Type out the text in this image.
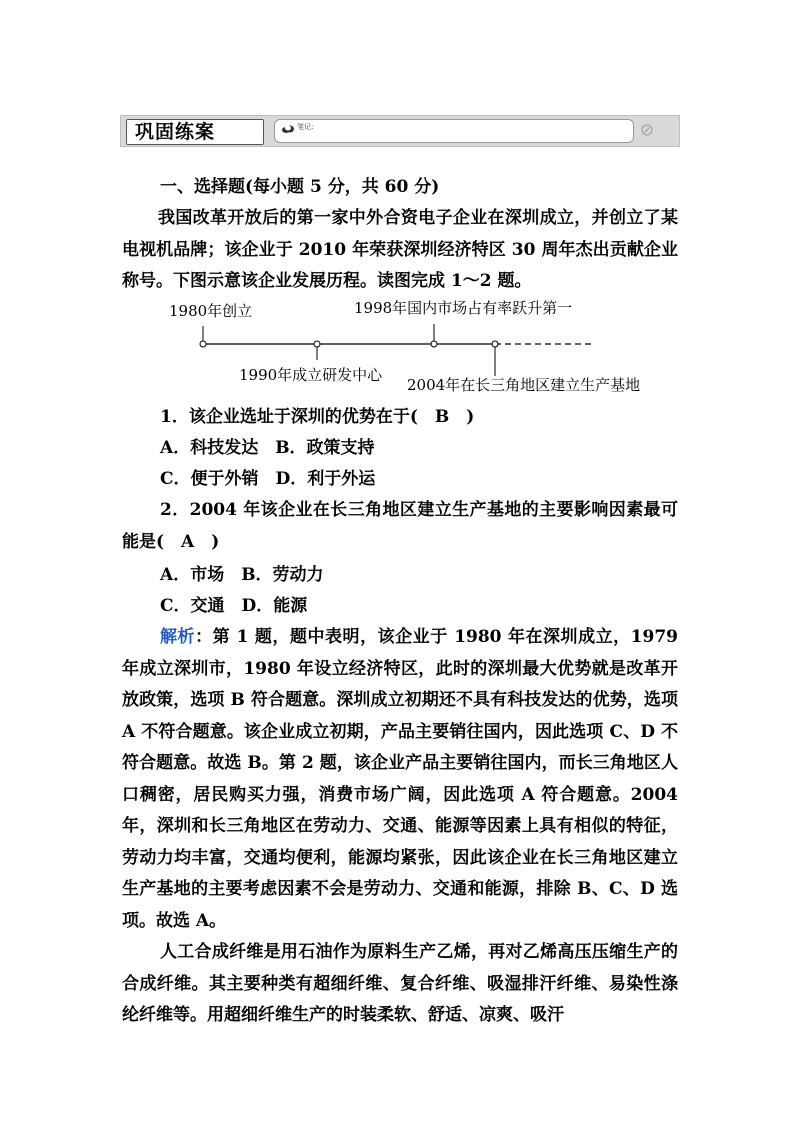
巩固练案	笔记:
一、选择题(每小题 5 分，共 60 分)
我国改革开放后的第一家中外合资电子企业在深圳成立，并创立了某电视机品牌；该企业于 2010 年荣获深圳经济特区 30 周年杰出贡献企业称号。下图示意该企业发展历程。读图完成 1～2 题。
1980年创立	1998年国内市场占有率跃升第一
1990年成立研发中心
2004年在长三角地区建立生产基地
1．该企业选址于深圳的优势在于(　B　)
A．科技发达　B．政策支持
C．便于外销　D．利于外运
2．2004 年该企业在长三角地区建立生产基地的主要影响因素最可能是(　A　)
A．市场　B．劳动力
C．交通　D．能源
解析：第 1 题，题中表明，该企业于 1980 年在深圳成立，1979 年成立深圳市，1980 年设立经济特区，此时的深圳最大优势就是改革开放政策，选项 B 符合题意。深圳成立初期还不具有科技发达的优势，选项 A 不符合题意。该企业成立初期，产品主要销往国内，因此选项 C、D 不符合题意。故选 B。第 2 题，该企业产品主要销往国内，而长三角地区人口稠密，居民购买力强，消费市场广阔，因此选项 A 符合题意。2004 年，深圳和长三角地区在劳动力、交通、能源等因素上具有相似的特征，劳动力均丰富，交通均便利，能源均紧张，因此该企业在长三角地区建立生产基地的主要考虑因素不会是劳动力、交通和能源，排除 B、C、D 选项。故选 A。
人工合成纤维是用石油作为原料生产乙烯，再对乙烯高压压缩生产的合成纤维。其主要种类有超细纤维、复合纤维、吸湿排汗纤维、易染性涤纶纤维等。用超细纤维生产的时装柔软、舒适、凉爽、吸汗
